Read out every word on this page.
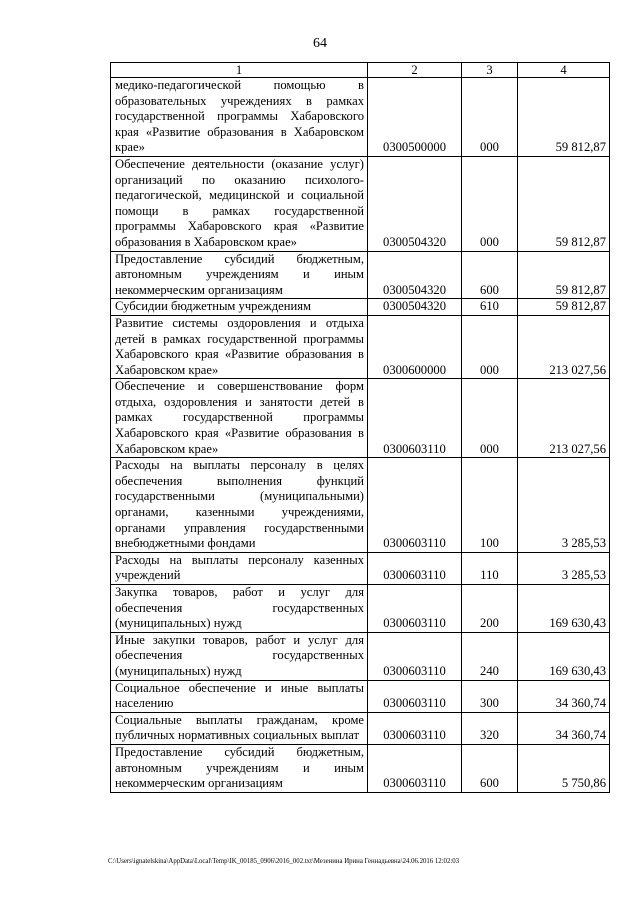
64
1	2	3	4
медико-педагогической помощью в образовательных учреждениях в рамках государственной программы Хабаровского края «Развитие образования в Хабаровском крае»	0300500000	000	59 812,87
Обеспечение деятельности (оказание услуг) организаций по оказанию психолого-педагогической, медицинской и социальной помощи в рамках государственной программы Хабаровского края «Развитие образования в Хабаровском крае»	0300504320	000	59 812,87
Предоставление субсидий бюджетным, автономным учреждениям и иным некоммерческим организациям	0300504320	600	59 812,87
Субсидии бюджетным учреждениям	0300504320	610	59 812,87
Развитие системы оздоровления и отдыха детей в рамках государственной программы Хабаровского края «Развитие образования в Хабаровском крае»	0300600000	000	213 027,56
Обеспечение и совершенствование форм отдыха, оздоровления и занятости детей в рамках государственной программы Хабаровского края «Развитие образования в Хабаровском крае»	0300603110	000	213 027,56
Расходы на выплаты персоналу в целях обеспечения выполнения функций государственными (муниципальными) органами, казенными учреждениями, органами управления государственными внебюджетными фондами	0300603110	100	3 285,53
Расходы на выплаты персоналу казенных учреждений	0300603110	110	3 285,53
Закупка товаров, работ и услуг для обеспечения государственных (муниципальных) нужд	0300603110	200	169 630,43
Иные закупки товаров, работ и услуг для обеспечения государственных (муниципальных) нужд	0300603110	240	169 630,43
Социальное обеспечение и иные выплаты населению	0300603110	300	34 360,74
Социальные выплаты гражданам, кроме публичных нормативных социальных выплат	0300603110	320	34 360,74
Предоставление субсидий бюджетным, автономным учреждениям и иным некоммерческим организациям	0300603110	600	5 750,86
C:\Users\ignatelskina\AppData\Local\Temp\IK_00185_0906\2016_002.txt\Мезенина Ирина Геннадьевна\24.06.2016 12:02:03
